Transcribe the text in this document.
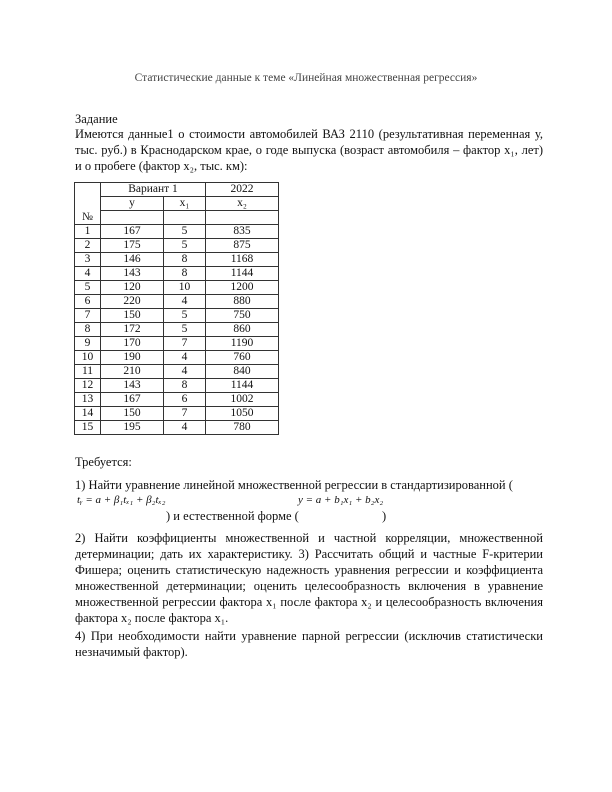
Статистические данные к теме «Линейная множественная регрессия»
Задание
Имеются данные1 о стоимости автомобилей ВАЗ 2110 (результативная переменная у, тыс. руб.) в Краснодарском крае, о годе выпуска (возраст автомобиля – фактор x₁, лет) и о пробеге (фактор x₂, тыс. км):
№	Вариант 1		2022
	y	x₁	x₂

1	167	5	835
2	175	5	875
3	146	8	1168
4	143	8	1144
5	120	10	1200
6	220	4	880
7	150	5	750
8	172	5	860
9	170	7	1190
10	190	4	760
11	210	4	840
12	143	8	1144
13	167	6	1002
14	150	7	1050
15	195	4	780
Требуется:
1) Найти уравнение линейной множественной регрессии в стандартизированной (
tᵧ = a + β₁tₓ₁ + β₂tₓ₂	y = a + b₁x₁ + b₂x₂
) и естественной форме (	)
2) Найти коэффициенты множественной и частной корреляции, множественной детерминации; дать их характеристику. 3) Рассчитать общий и частные F-критерии Фишера; оценить статистическую надежность уравнения регрессии и коэффициента множественной детерминации; оценить целесообразность включения в уравнение множественной регрессии фактора x₁ после фактора x₂ и целесообразность включения фактора x₂ после фактора x₁.
4) При необходимости найти уравнение парной регрессии (исключив статистически незначимый фактор).
